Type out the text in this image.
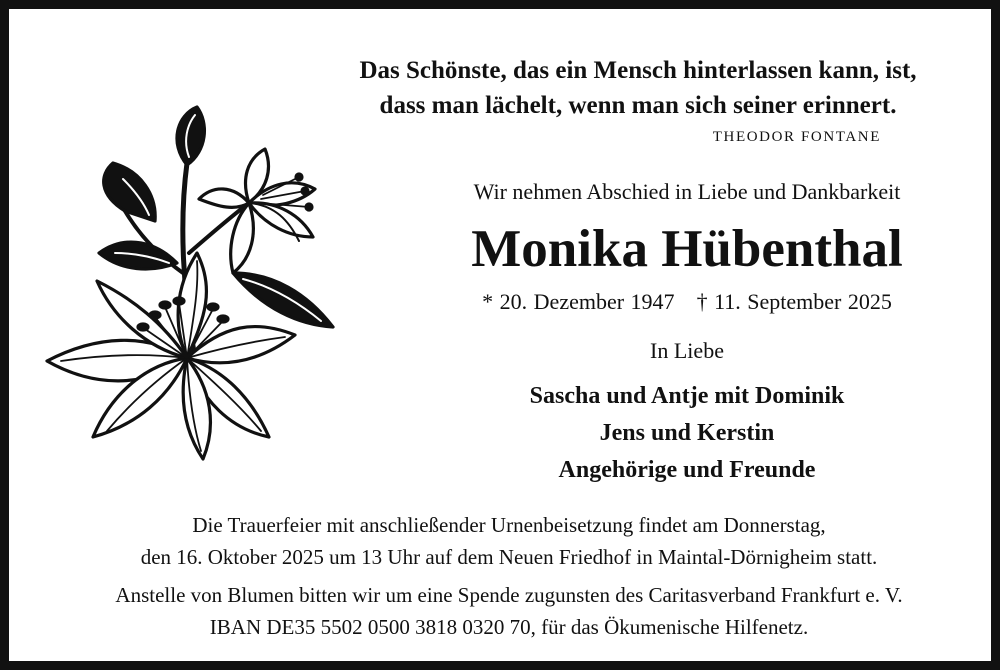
Das Schönste, das ein Mensch hinterlassen kann, ist,
dass man lächelt, wenn man sich seiner erinnert.
THEODOR FONTANE
Wir nehmen Abschied in Liebe und Dankbarkeit
Monika Hübenthal
* 20. Dezember 1947 † 11. September 2025
In Liebe
Sascha und Antje mit Dominik
Jens und Kerstin
Angehörige und Freunde
Die Trauerfeier mit anschließender Urnenbeisetzung findet am Donnerstag,
den 16. Oktober 2025 um 13 Uhr auf dem Neuen Friedhof in Maintal-Dörnigheim statt.
Anstelle von Blumen bitten wir um eine Spende zugunsten des Caritasverband Frankfurt e. V.
IBAN DE35 5502 0500 3818 0320 70, für das Ökumenische Hilfenetz.
